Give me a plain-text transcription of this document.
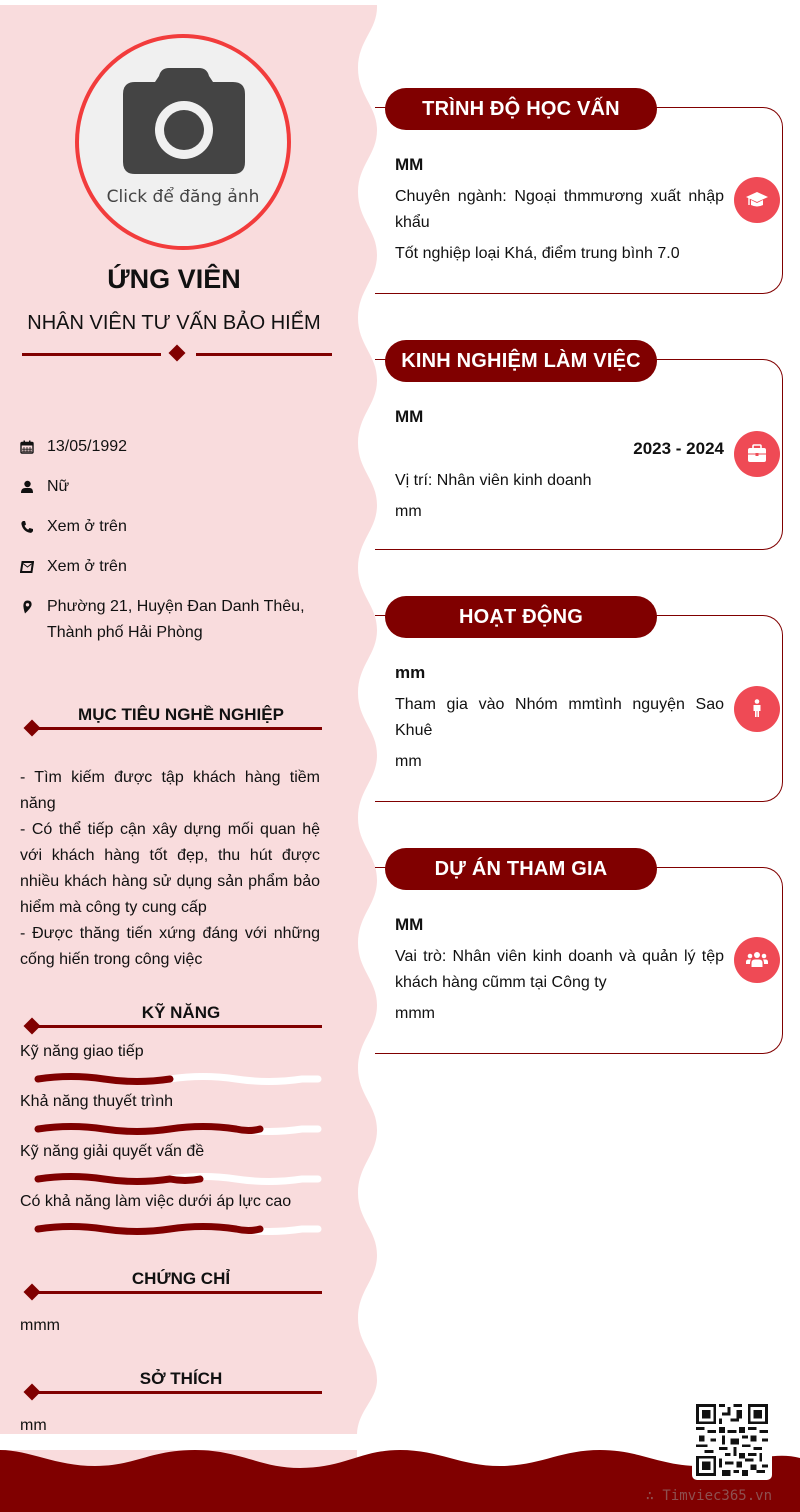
Click để đăng ảnh
ỨNG VIÊN
NHÂN VIÊN TƯ VẤN BẢO HIỂM
13/05/1992
Nữ
Xem ở trên
Xem ở trên
Phường 21, Huyện Đan Danh Thêu, Thành phố Hải Phòng
MỤC TIÊU NGHỀ NGHIỆP

- Tìm kiếm được tập khách hàng tiềm năng

- Có thể tiếp cận xây dựng mối quan hệ với khách hàng tốt đẹp, thu hút được nhiều khách hàng sử dụng sản phẩm bảo hiểm mà công ty cung cấp

- Được thăng tiến xứng đáng với những cống hiến trong công việc

KỸ NĂNG
Kỹ năng giao tiếp
Khả năng thuyết trình
Kỹ năng giải quyết vấn đề
Có khả năng làm việc dưới áp lực cao
CHỨNG CHỈ
mmm
SỞ THÍCH
mm
TRÌNH ĐỘ HỌC VẤN
MM
Chuyên ngành: Ngoại thmmương xuất nhập khẩu
Tốt nghiệp loại Khá, điểm trung bình 7.0
KINH NGHIỆM LÀM VIỆC
MM
2023 - 2024
Vị trí: Nhân viên kinh doanh
mm
HOẠT ĐỘNG
mm
Tham gia vào Nhóm mmtình nguyện Sao Khuê
mm
DỰ ÁN THAM GIA
MM
Vai trò: Nhân viên kinh doanh và quản lý tệp khách hàng cũmm tại Công ty
mmm
∴ Timviec365.vn
